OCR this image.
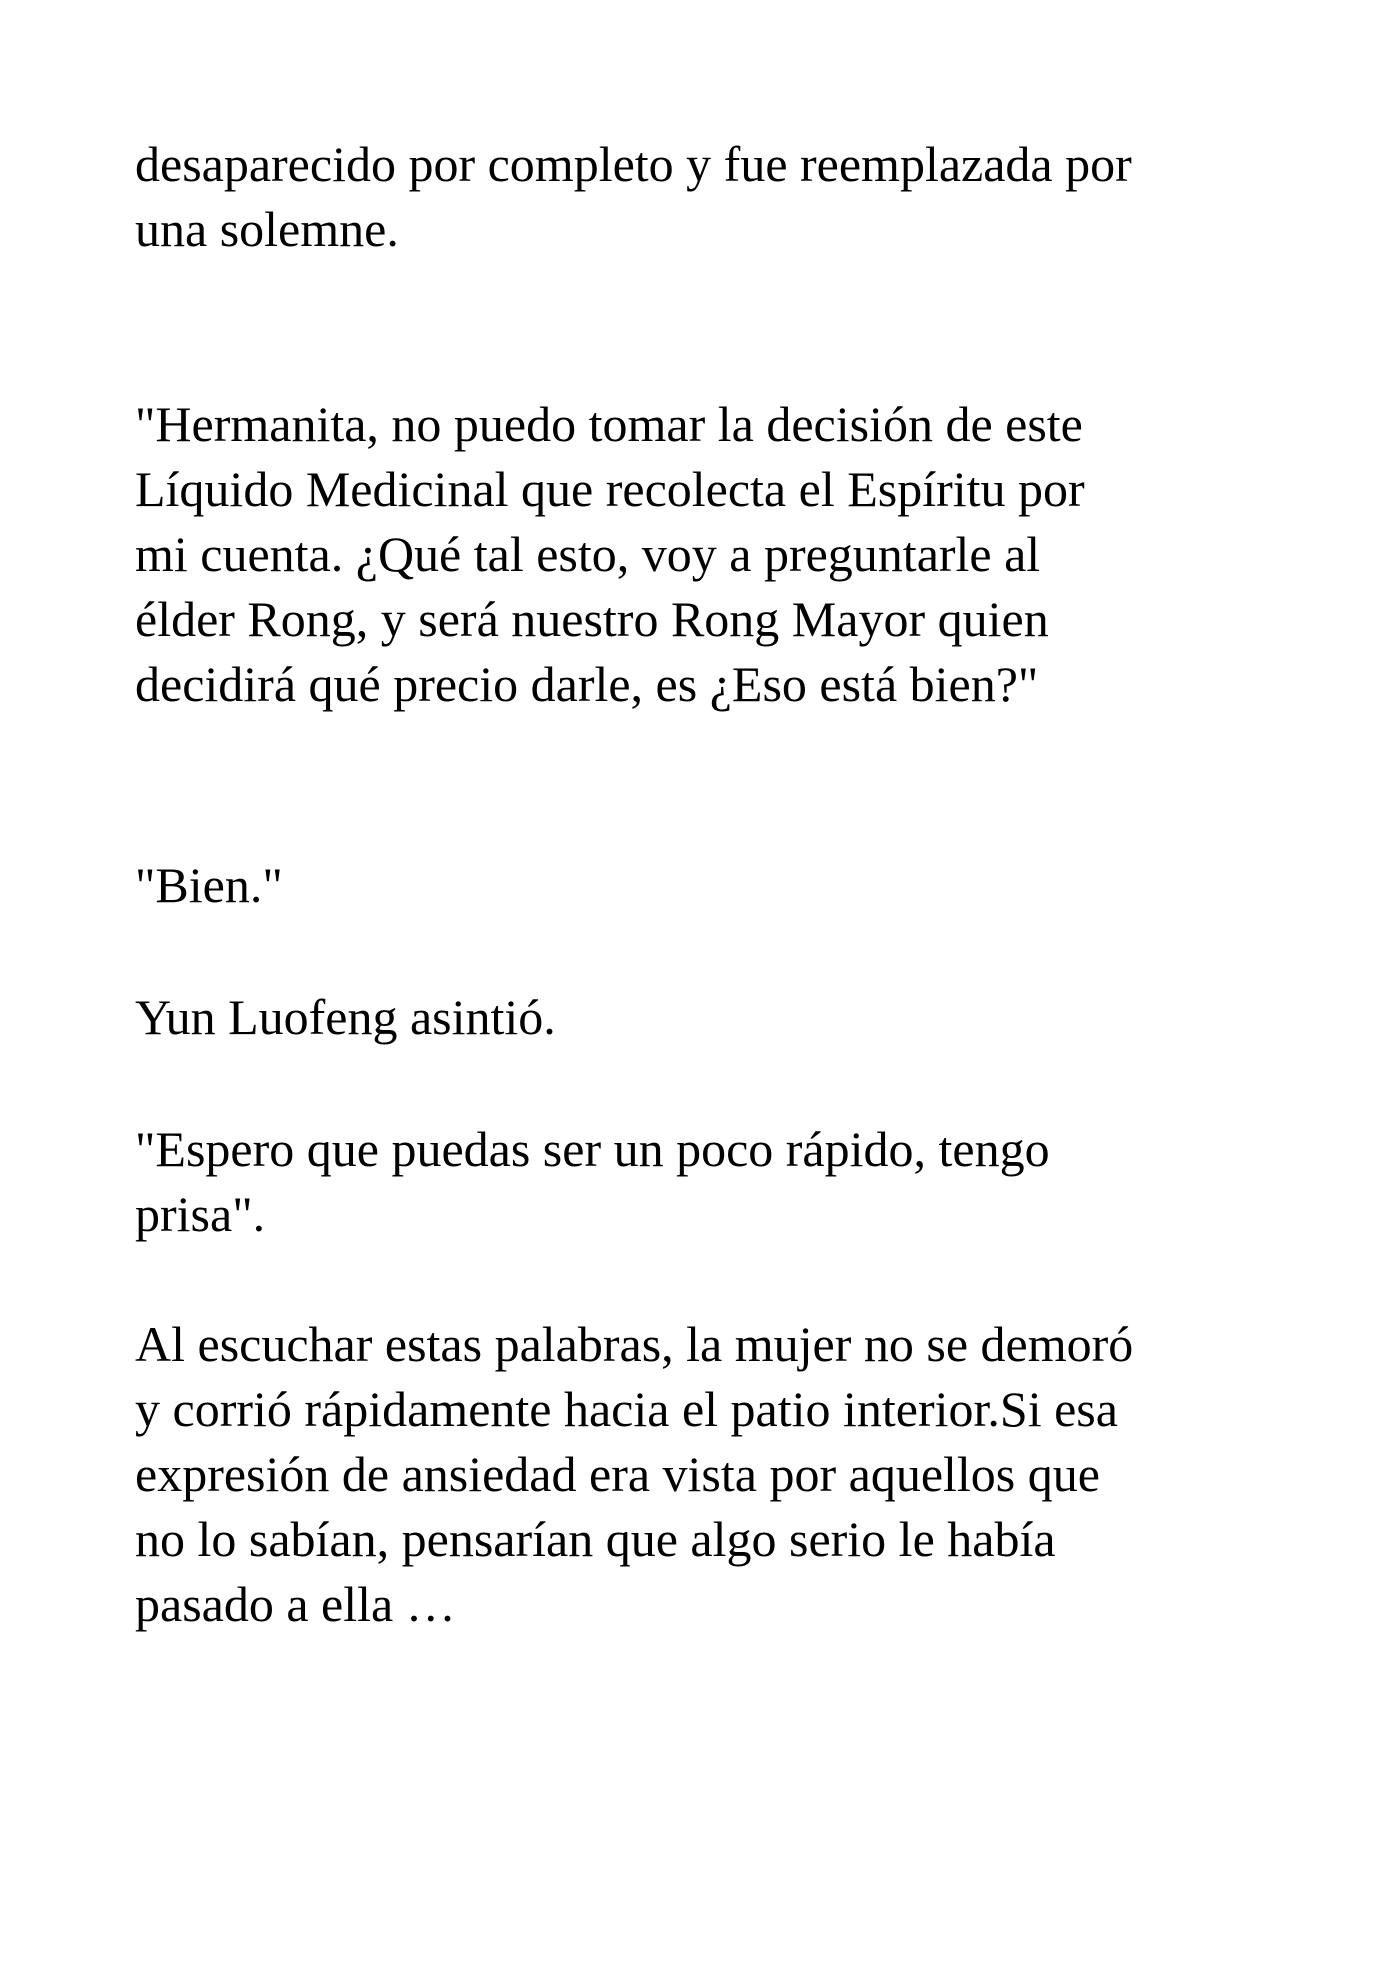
desaparecido por completo y fue reemplazada por
una solemne.

"Hermanita, no puedo tomar la decisión de este
Líquido Medicinal que recolecta el Espíritu por
mi cuenta. ¿Qué tal esto, voy a preguntarle al
élder Rong, y será nuestro Rong Mayor quien
decidirá qué precio darle, es ¿Eso está bien?"

"Bien."

Yun Luofeng asintió.

"Espero que puedas ser un poco rápido, tengo
prisa".

Al escuchar estas palabras, la mujer no se demoró
y corrió rápidamente hacia el patio interior.Si esa
expresión de ansiedad era vista por aquellos que
no lo sabían, pensarían que algo serio le había
pasado a ella …
